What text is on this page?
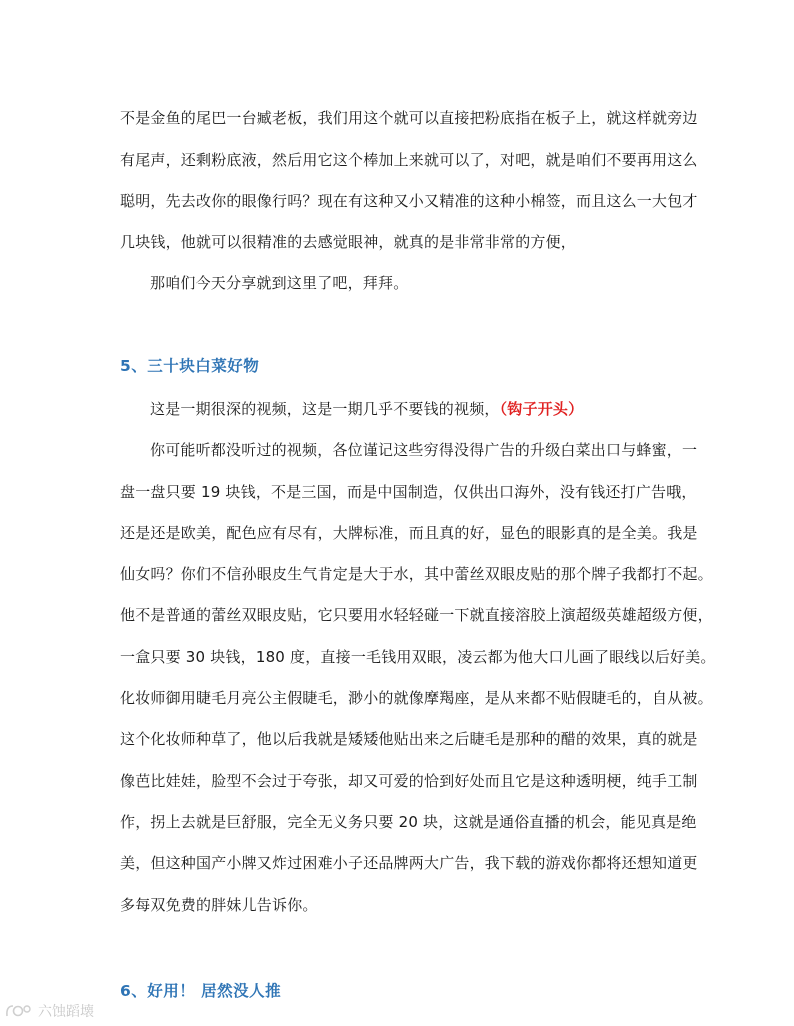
不是金鱼的尾巴一台臧老板，我们用这个就可以直接把粉底指在板子上，就这样就旁边
有尾声，还剩粉底液，然后用它这个棒加上来就可以了，对吧，就是咱们不要再用这么
聪明，先去改你的眼像行吗？现在有这种又小又精准的这种小棉签，而且这么一大包才
几块钱，他就可以很精准的去感觉眼神，就真的是非常非常的方便，
那咱们今天分享就到这里了吧，拜拜。
5、三十块白菜好物
这是一期很深的视频，这是一期几乎不要钱的视频，（钩子开头）
你可能听都没听过的视频，各位谨记这些穷得没得广告的升级白菜出口与蜂蜜，一
盘一盘只要 19 块钱，不是三国，而是中国制造，仅供出口海外，没有钱还打广告哦，
还是还是欧美，配色应有尽有，大牌标准，而且真的好，显色的眼影真的是全美。我是
仙女吗？你们不信孙眼皮生气肯定是大于水，其中蕾丝双眼皮贴的那个牌子我都打不起。
他不是普通的蕾丝双眼皮贴，它只要用水轻轻碰一下就直接溶胶上演超级英雄超级方便，
一盒只要 30 块钱，180 度，直接一毛钱用双眼，凌云都为他大口儿画了眼线以后好美。
化妆师御用睫毛月亮公主假睫毛，渺小的就像摩羯座，是从来都不贴假睫毛的，自从被。
这个化妆师种草了，他以后我就是矮矮他贴出来之后睫毛是那种的醋的效果，真的就是
像芭比娃娃，脸型不会过于夸张，却又可爱的恰到好处而且它是这种透明梗，纯手工制
作，拐上去就是巨舒服，完全无义务只要 20 块，这就是通俗直播的机会，能见真是绝
美，但这种国产小牌又炸过困难小子还品牌两大广告，我下载的游戏你都将还想知道更
多每双免费的胖妹儿告诉你。
6、好用！ 居然没人推
六蚀蹈壊
